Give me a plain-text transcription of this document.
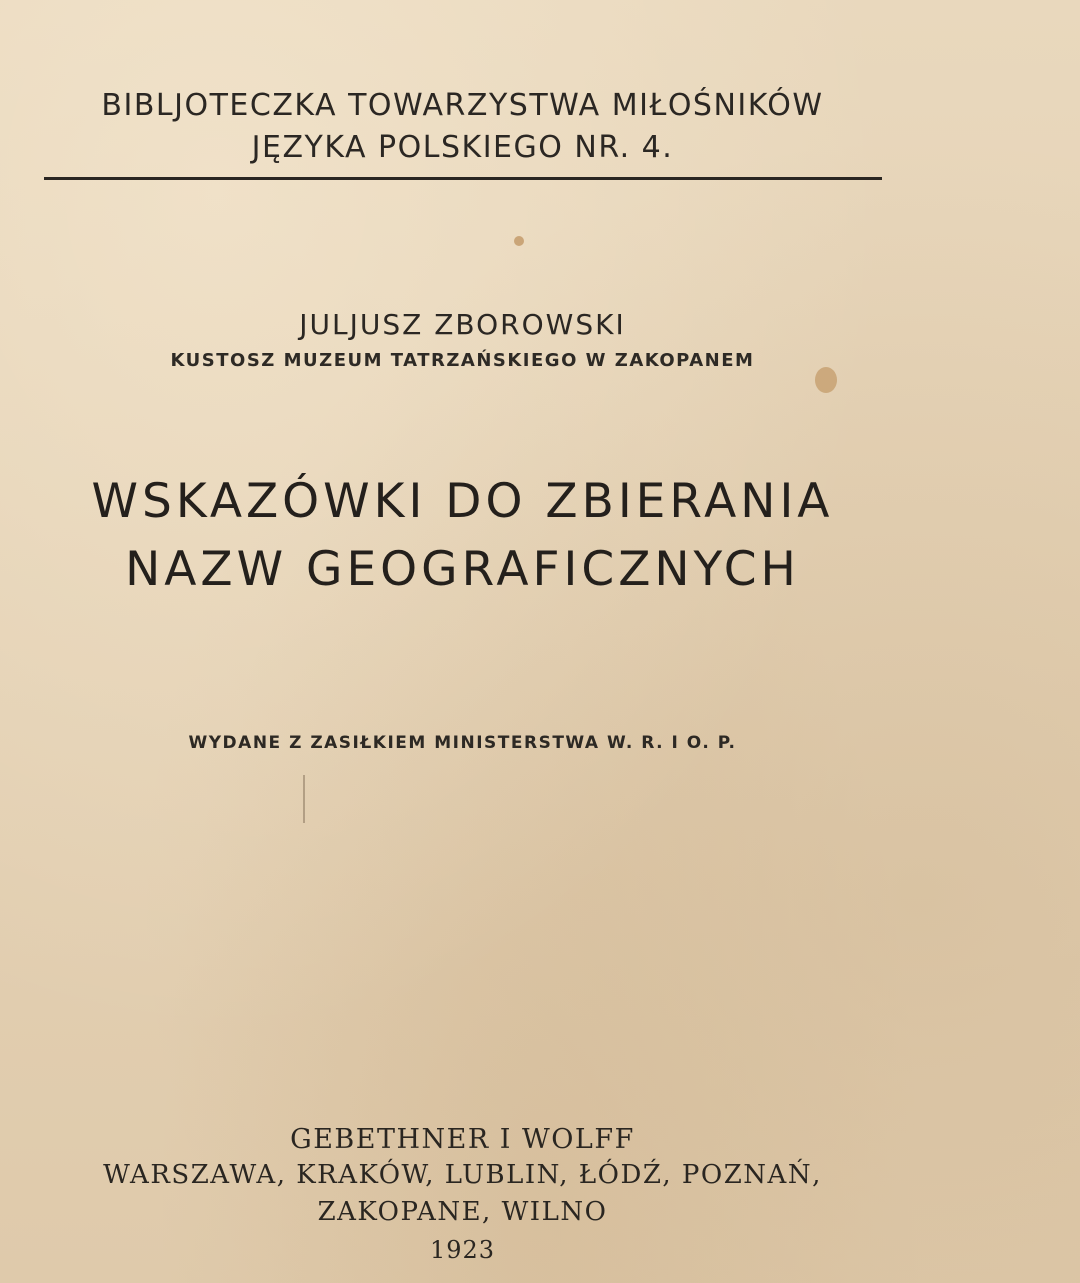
BIBLJOTECZKA TOWARZYSTWA MIŁOŚNIKÓW
JĘZYKA POLSKIEGO NR. 4.
JULJUSZ ZBOROWSKI
KUSTOSZ MUZEUM TATRZAŃSKIEGO W ZAKOPANEM
WSKAZÓWKI DO ZBIERANIA
NAZW GEOGRAFICZNYCH
WYDANE Z ZASIŁKIEM MINISTERSTWA W. R. I O. P.
GEBETHNER I WOLFF
WARSZAWA, KRAKÓW, LUBLIN, ŁÓDŹ, POZNAŃ,
ZAKOPANE, WILNO
1923
